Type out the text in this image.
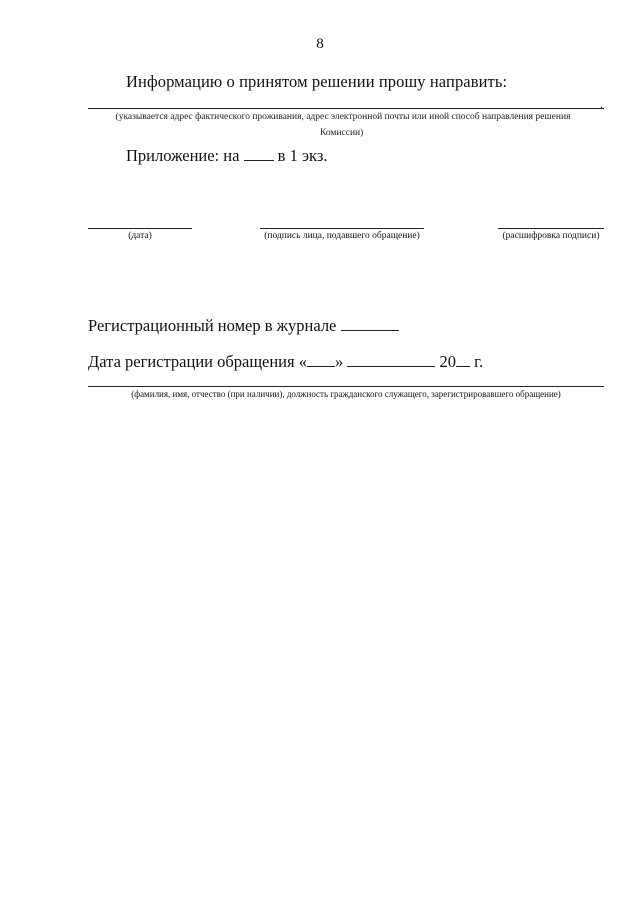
8
Информацию о принятом решении прошу направить:
.
(указывается адрес фактического проживания, адрес электронной почты или иной способ направления решения
Комиссии)
Приложение: на в 1 экз.
(дата)	(подпись лица, подавшего обращение)	(расшифровка подписи)
Регистрационный номер в журнале
Дата регистрации обращения « »	20 г.
(фамилия, имя, отчество (при наличии), должность гражданского служащего, зарегистрировавшего обращение)
